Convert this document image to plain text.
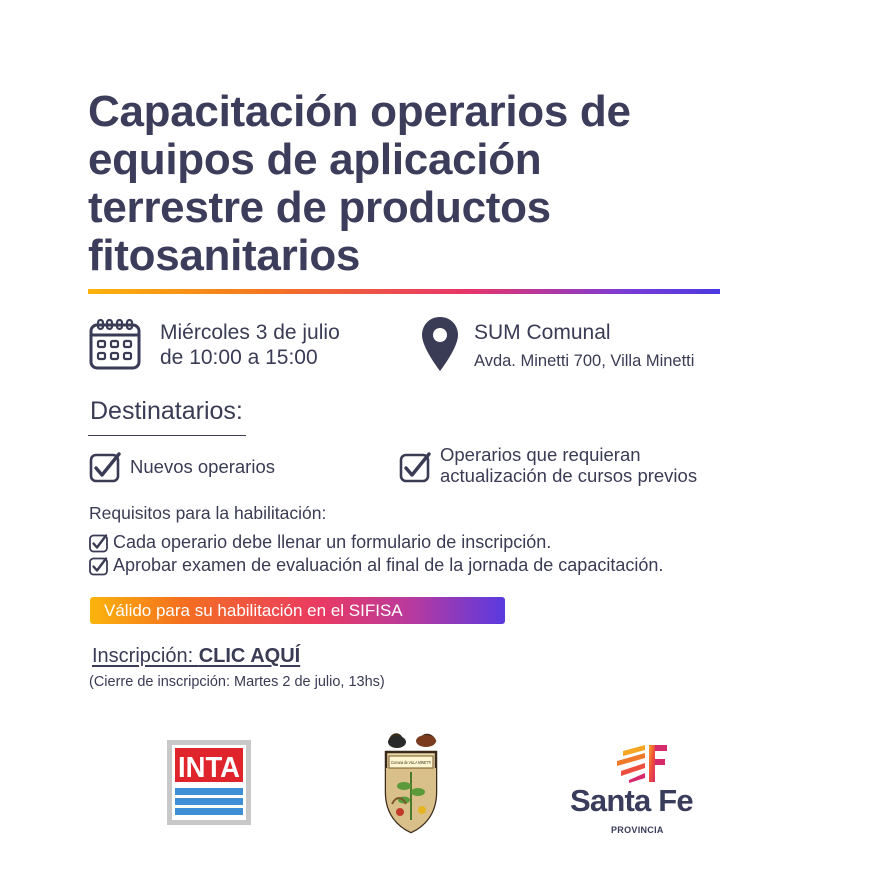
Capacitación operarios de
equipos de aplicación
terrestre de productos
fitosanitarios
Miércoles 3 de julio
de 10:00 a 15:00
SUM Comunal
Avda. Minetti 700, Villa Minetti
Destinatarios:
Nuevos operarios
Operarios que requieran
actualización de cursos previos
Requisitos para la habilitación:
Cada operario debe llenar un formulario de inscripción.
Aprobar examen de evaluación al final de la jornada de capacitación.
Válido para su habilitación en el SIFISA
Inscripción: CLIC AQUÍ
(Cierre de inscripción: Martes 2 de julio, 13hs)
INTA	Comuna de VILLA MINETTI
Santa Fe
PROVINCIA
